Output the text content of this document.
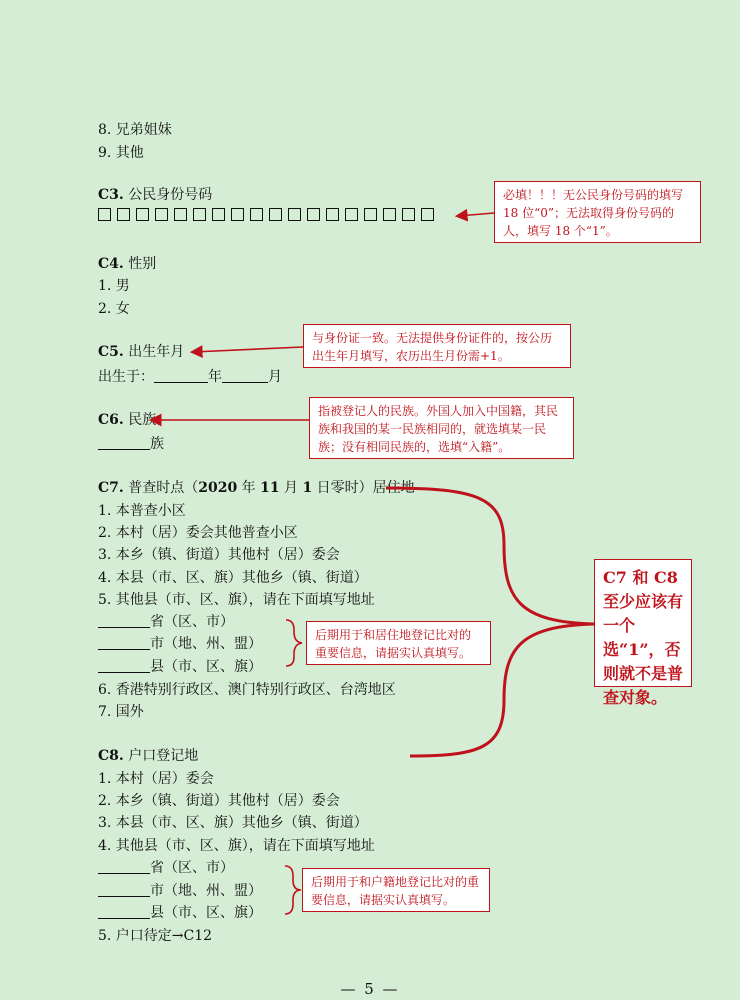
8. 兄弟姐妹
9. 其他
C3. 公民身份号码
C4. 性别
1. 男
2. 女
C5. 出生年月
出生于：	年	月
C6. 民族
族
C7. 普查时点（2020 年 11 月 1 日零时）居住地
1. 本普查小区
2. 本村（居）委会其他普查小区
3. 本乡（镇、街道）其他村（居）委会
4. 本县（市、区、旗）其他乡（镇、街道）
5. 其他县（市、区、旗），请在下面填写地址
省（区、市）
市（地、州、盟）
县（市、区、旗）
6. 香港特别行政区、澳门特别行政区、台湾地区
7. 国外
C8. 户口登记地
1. 本村（居）委会
2. 本乡（镇、街道）其他村（居）委会
3. 本县（市、区、旗）其他乡（镇、街道）
4. 其他县（市、区、旗），请在下面填写地址
省（区、市）
市（地、州、盟）
县（市、区、旗）
5. 户口待定→C12
必填！！！无公民身份号码的填写 18 位“0”；无法取得身份号码的人，填写 18 个“1”。
与身份证一致。无法提供身份证件的，按公历出生年月填写，农历出生月份需+1。
指被登记人的民族。外国人加入中国籍，其民族和我国的某一民族相同的，就选填某一民族；没有相同民族的，选填“入籍”。
后期用于和居住地登记比对的重要信息，请据实认真填写。
C7 和 C8 至少应该有一个选“1”，否则就不是普查对象。
后期用于和户籍地登记比对的重要信息，请据实认真填写。
— 5 —
